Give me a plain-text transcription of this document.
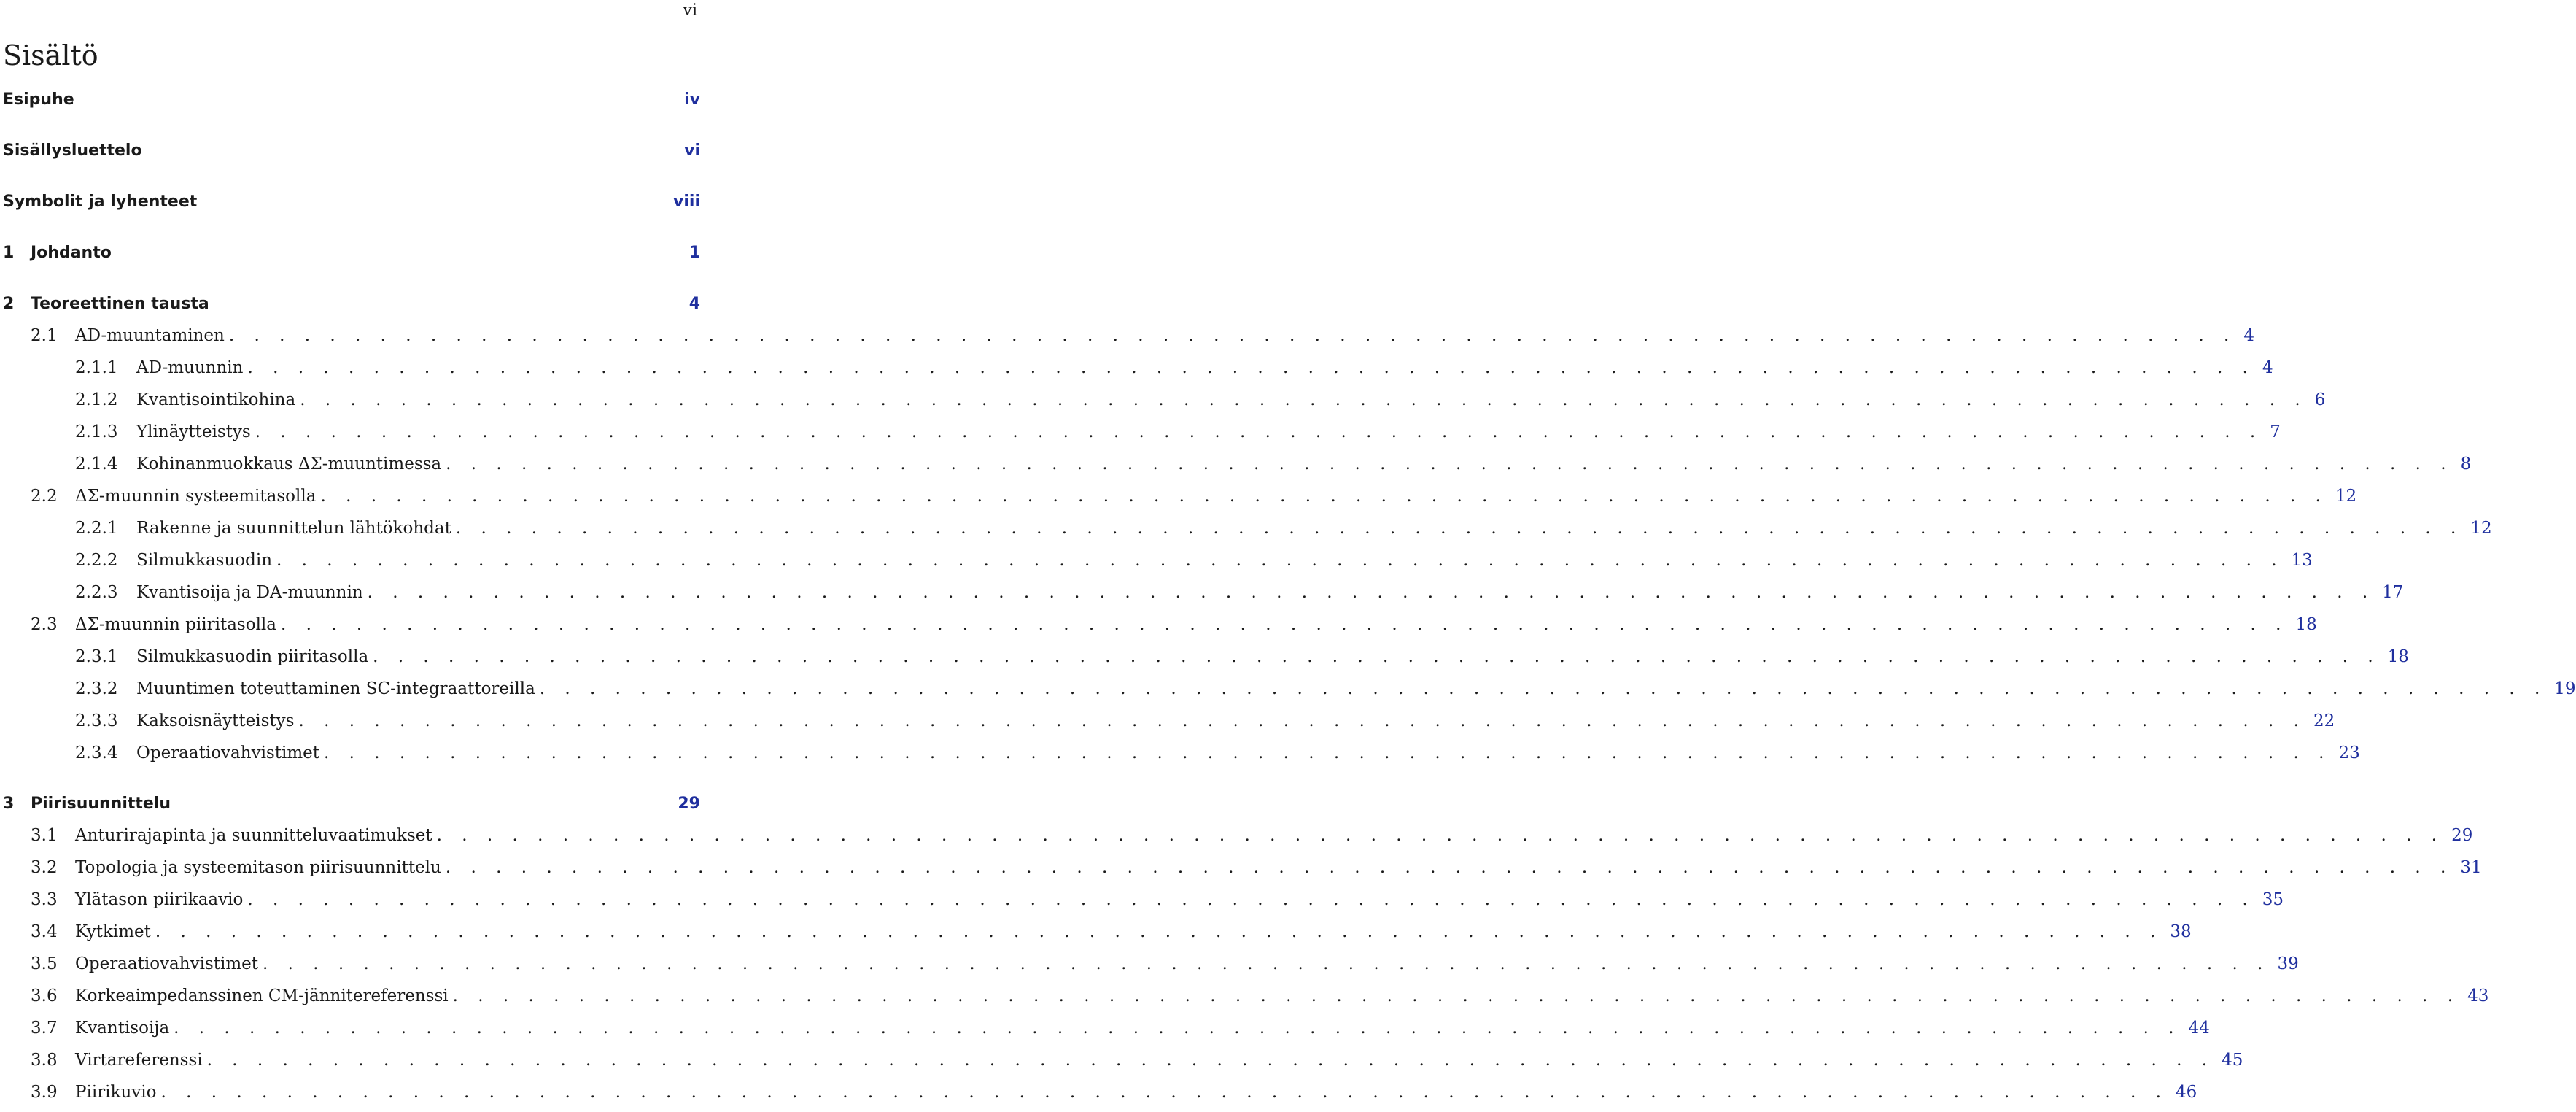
vi
Sisältö
Esipuhe	iv
Sisällysluettelo	vi
Symbolit ja lyhenteet	viii
1	Johdanto	1
2	Teoreettinen tausta	4
2.1	AD-muuntaminen . . . . . . . . . . . . . . . . . . . . . . . . . . . . . . . . . . . . . . . . . . . . . . . . . . . . . . . . . . . . . . . . . . . . . . . . . . . . . . . . 4
2.1.1	AD-muunnin . . . . . . . . . . . . . . . . . . . . . . . . . . . . . . . . . . . . . . . . . . . . . . . . . . . . . . . . . . . . . . . . . . . . . . . . . . . . . . . . 4
2.1.2	Kvantisointikohina . . . . . . . . . . . . . . . . . . . . . . . . . . . . . . . . . . . . . . . . . . . . . . . . . . . . . . . . . . . . . . . . . . . . . . . . . . . . . . . . 6
2.1.3	Ylinäytteistys . . . . . . . . . . . . . . . . . . . . . . . . . . . . . . . . . . . . . . . . . . . . . . . . . . . . . . . . . . . . . . . . . . . . . . . . . . . . . . . . 7
2.1.4	Kohinanmuokkaus ΔΣ-muuntimessa . . . . . . . . . . . . . . . . . . . . . . . . . . . . . . . . . . . . . . . . . . . . . . . . . . . . . . . . . . . . . . . . . . . . . . . . . . . . . . . . 8
2.2	ΔΣ-muunnin systeemitasolla . . . . . . . . . . . . . . . . . . . . . . . . . . . . . . . . . . . . . . . . . . . . . . . . . . . . . . . . . . . . . . . . . . . . . . . . . . . . . . . . 12
2.2.1	Rakenne ja suunnittelun lähtökohdat . . . . . . . . . . . . . . . . . . . . . . . . . . . . . . . . . . . . . . . . . . . . . . . . . . . . . . . . . . . . . . . . . . . . . . . . . . . . . . . . 12
2.2.2	Silmukkasuodin . . . . . . . . . . . . . . . . . . . . . . . . . . . . . . . . . . . . . . . . . . . . . . . . . . . . . . . . . . . . . . . . . . . . . . . . . . . . . . . . 13
2.2.3	Kvantisoija ja DA-muunnin . . . . . . . . . . . . . . . . . . . . . . . . . . . . . . . . . . . . . . . . . . . . . . . . . . . . . . . . . . . . . . . . . . . . . . . . . . . . . . . . 17
2.3	ΔΣ-muunnin piiritasolla . . . . . . . . . . . . . . . . . . . . . . . . . . . . . . . . . . . . . . . . . . . . . . . . . . . . . . . . . . . . . . . . . . . . . . . . . . . . . . . . 18
2.3.1	Silmukkasuodin piiritasolla . . . . . . . . . . . . . . . . . . . . . . . . . . . . . . . . . . . . . . . . . . . . . . . . . . . . . . . . . . . . . . . . . . . . . . . . . . . . . . . . 18
2.3.2	Muuntimen toteuttaminen SC-integraattoreilla . . . . . . . . . . . . . . . . . . . . . . . . . . . . . . . . . . . . . . . . . . . . . . . . . . . . . . . . . . . . . . . . . . . . . . . . . . . . . . . . 19
2.3.3	Kaksoisnäytteistys . . . . . . . . . . . . . . . . . . . . . . . . . . . . . . . . . . . . . . . . . . . . . . . . . . . . . . . . . . . . . . . . . . . . . . . . . . . . . . . . 22
2.3.4	Operaatiovahvistimet . . . . . . . . . . . . . . . . . . . . . . . . . . . . . . . . . . . . . . . . . . . . . . . . . . . . . . . . . . . . . . . . . . . . . . . . . . . . . . . . 23
3	Piirisuunnittelu	29
3.1	Anturirajapinta ja suunnitteluvaatimukset . . . . . . . . . . . . . . . . . . . . . . . . . . . . . . . . . . . . . . . . . . . . . . . . . . . . . . . . . . . . . . . . . . . . . . . . . . . . . . . . 29
3.2	Topologia ja systeemitason piirisuunnittelu . . . . . . . . . . . . . . . . . . . . . . . . . . . . . . . . . . . . . . . . . . . . . . . . . . . . . . . . . . . . . . . . . . . . . . . . . . . . . . . . 31
3.3	Ylätason piirikaavio . . . . . . . . . . . . . . . . . . . . . . . . . . . . . . . . . . . . . . . . . . . . . . . . . . . . . . . . . . . . . . . . . . . . . . . . . . . . . . . . 35
3.4	Kytkimet . . . . . . . . . . . . . . . . . . . . . . . . . . . . . . . . . . . . . . . . . . . . . . . . . . . . . . . . . . . . . . . . . . . . . . . . . . . . . . . . 38
3.5	Operaatiovahvistimet . . . . . . . . . . . . . . . . . . . . . . . . . . . . . . . . . . . . . . . . . . . . . . . . . . . . . . . . . . . . . . . . . . . . . . . . . . . . . . . . 39
3.6	Korkeaimpedanssinen CM-jännitereferenssi . . . . . . . . . . . . . . . . . . . . . . . . . . . . . . . . . . . . . . . . . . . . . . . . . . . . . . . . . . . . . . . . . . . . . . . . . . . . . . . . 43
3.7	Kvantisoija . . . . . . . . . . . . . . . . . . . . . . . . . . . . . . . . . . . . . . . . . . . . . . . . . . . . . . . . . . . . . . . . . . . . . . . . . . . . . . . . 44
3.8	Virtareferenssi . . . . . . . . . . . . . . . . . . . . . . . . . . . . . . . . . . . . . . . . . . . . . . . . . . . . . . . . . . . . . . . . . . . . . . . . . . . . . . . . 45
3.9	Piirikuvio . . . . . . . . . . . . . . . . . . . . . . . . . . . . . . . . . . . . . . . . . . . . . . . . . . . . . . . . . . . . . . . . . . . . . . . . . . . . . . . . 46
